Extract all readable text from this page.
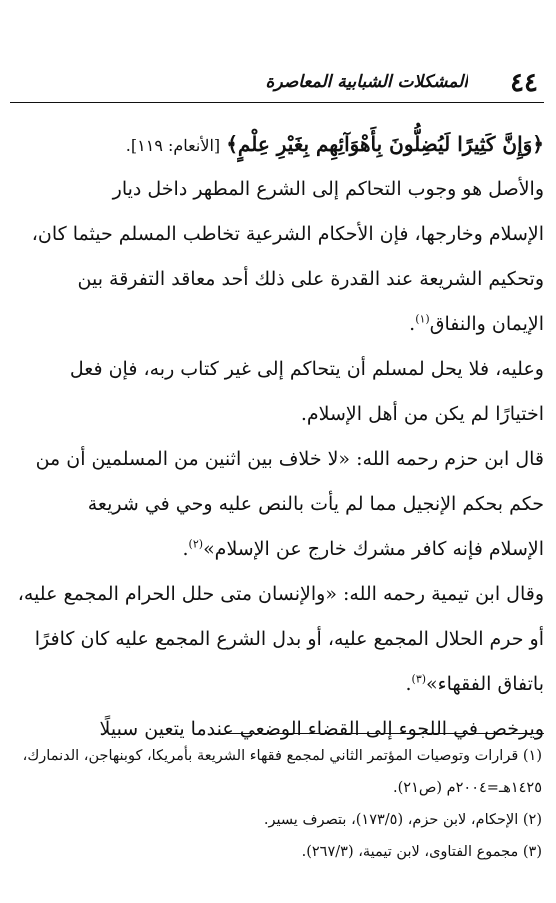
٤٤
المشكلات الشبابية المعاصرة
﴿وَإِنَّ كَثِيرًا لَيُضِلُّونَ بِأَهْوَآئِهِم بِغَيْرِ عِلْمٍ﴾ [الأنعام: ١١٩].
والأصل هو وجوب التحاكم إلى الشرع المطهر داخل ديار
الإسلام وخارجها، فإن الأحكام الشرعية تخاطب المسلم حيثما كان،
وتحكيم الشريعة عند القدرة على ذلك أحد معاقد التفرقة بين
الإيمان والنفاق$^{(١)}$.
وعليه، فلا يحل لمسلم أن يتحاكم إلى غير كتاب ربه، فإن فعل
اختيارًا لم يكن من أهل الإسلام.
قال ابن حزم رحمه الله: «لا خلاف بين اثنين من المسلمين أن من
حكم بحكم الإنجيل مما لم يأت بالنص عليه وحي في شريعة
الإسلام فإنه كافر مشرك خارج عن الإسلام»$^{(٢)}$.
وقال ابن تيمية رحمه الله: «والإنسان متى حلل الحرام المجمع عليه،
أو حرم الحلال المجمع عليه، أو بدل الشرع المجمع عليه كان كافرًا
باتفاق الفقهاء»$^{(٣)}$.
ويرخص في اللجوء إلى القضاء الوضعي عندما يتعين سبيلًا
(١) قرارات وتوصيات المؤتمر الثاني لمجمع فقهاء الشريعة بأمريكا، كوبنهاجن، الدنمارك،
١٤٢٥هـ=٢٠٠٤م (ص٢١).
(٢) الإحكام، لابن حزم، (١٧٣/٥)، بتصرف يسير.
(٣) مجموع الفتاوى، لابن تيمية، (٢٦٧/٣).
